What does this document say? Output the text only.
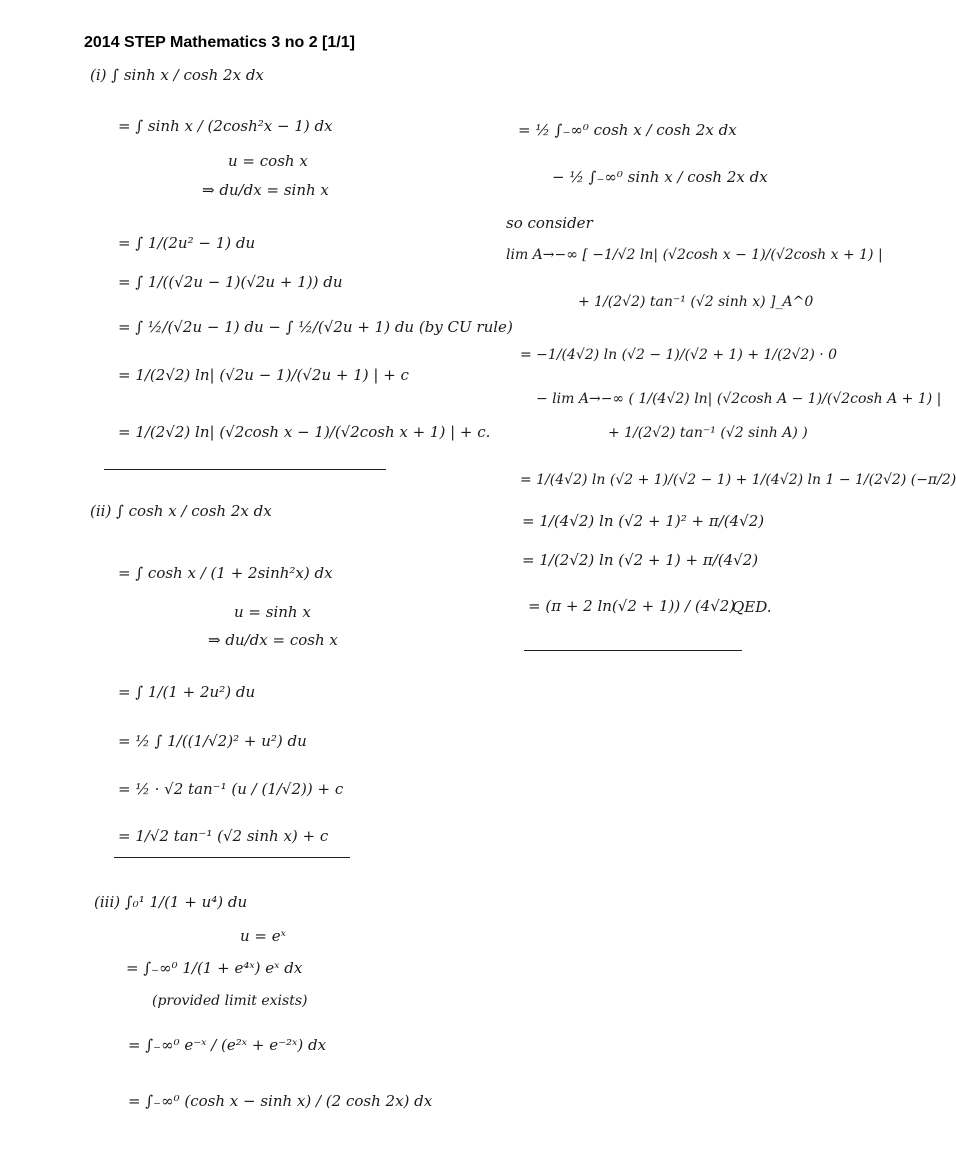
2014 STEP Mathematics 3 no 2 [1/1]
(i) ∫ sinh x / cosh 2x dx
= ∫ sinh x / (2cosh²x − 1) dx
u = cosh x
⇒ du/dx = sinh x
= ∫ 1/(2u² − 1) du
= ∫ 1/((√2u − 1)(√2u + 1)) du
= ∫ ½/(√2u − 1) du − ∫ ½/(√2u + 1) du (by CU rule)
= 1/(2√2) ln| (√2u − 1)/(√2u + 1) | + c
= 1/(2√2) ln| (√2cosh x − 1)/(√2cosh x + 1) | + c.
(ii) ∫ cosh x / cosh 2x dx
= ∫ cosh x / (1 + 2sinh²x) dx
u = sinh x
⇒ du/dx = cosh x
= ∫ 1/(1 + 2u²) du
= ½ ∫ 1/((1/√2)² + u²) du
= ½ · √2 tan⁻¹ (u / (1/√2)) + c
= 1/√2 tan⁻¹ (√2 sinh x) + c
(iii) ∫₀¹ 1/(1 + u⁴) du
u = eˣ
= ∫₋∞⁰ 1/(1 + e⁴ˣ) eˣ dx
(provided limit exists)
= ∫₋∞⁰ e⁻ˣ / (e²ˣ + e⁻²ˣ) dx
= ∫₋∞⁰ (cosh x − sinh x) / (2 cosh 2x) dx
= ½ ∫₋∞⁰ cosh x / cosh 2x dx
− ½ ∫₋∞⁰ sinh x / cosh 2x dx
so consider
lim A→−∞ [ −1/√2 ln| (√2cosh x − 1)/(√2cosh x + 1) |
+ 1/(2√2) tan⁻¹ (√2 sinh x) ]_A^0
= −1/(4√2) ln (√2 − 1)/(√2 + 1) + 1/(2√2) · 0
− lim A→−∞ ( 1/(4√2) ln| (√2cosh A − 1)/(√2cosh A + 1) |
+ 1/(2√2) tan⁻¹ (√2 sinh A) )
= 1/(4√2) ln (√2 + 1)/(√2 − 1) + 1/(4√2) ln 1 − 1/(2√2) (−π/2)
= 1/(4√2) ln (√2 + 1)² + π/(4√2)
= 1/(2√2) ln (√2 + 1) + π/(4√2)
= (π + 2 ln(√2 + 1)) / (4√2)
QED.
